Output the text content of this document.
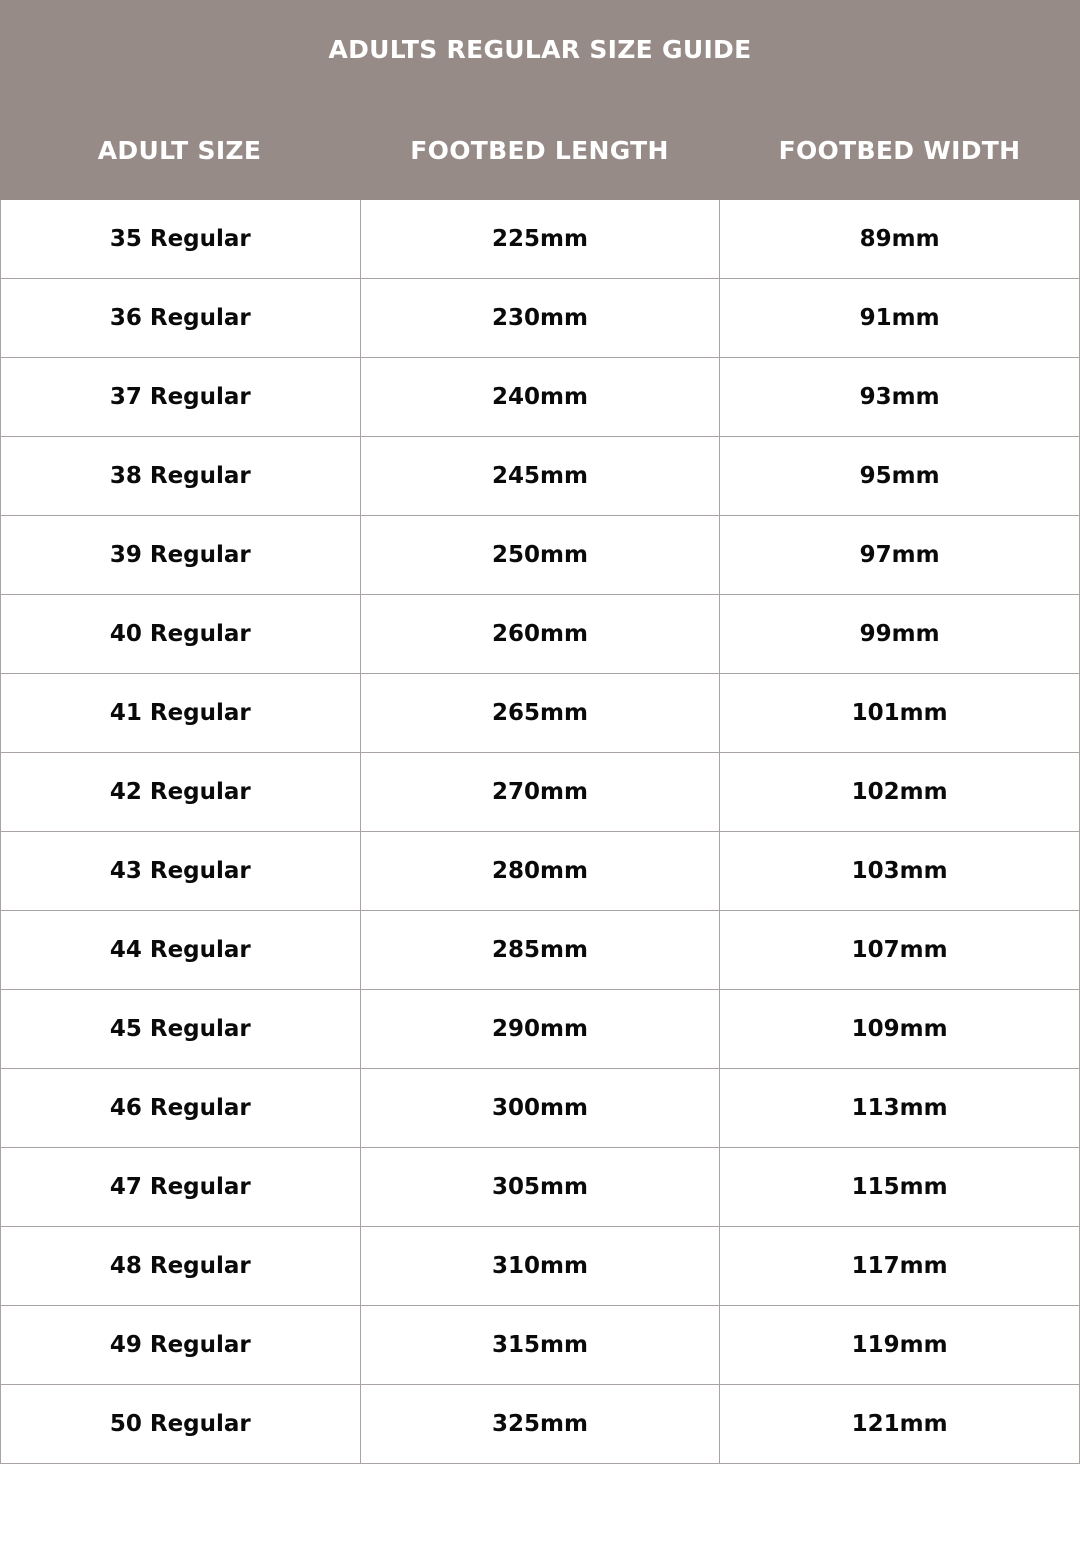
ADULTS REGULAR SIZE GUIDE
ADULT SIZE	FOOTBED LENGTH	FOOTBED WIDTH
35 Regular	225mm	89mm
36 Regular	230mm	91mm
37 Regular	240mm	93mm
38 Regular	245mm	95mm
39 Regular	250mm	97mm
40 Regular	260mm	99mm
41 Regular	265mm	101mm
42 Regular	270mm	102mm
43 Regular	280mm	103mm
44 Regular	285mm	107mm
45 Regular	290mm	109mm
46 Regular	300mm	113mm
47 Regular	305mm	115mm
48 Regular	310mm	117mm
49 Regular	315mm	119mm
50 Regular	325mm	121mm
